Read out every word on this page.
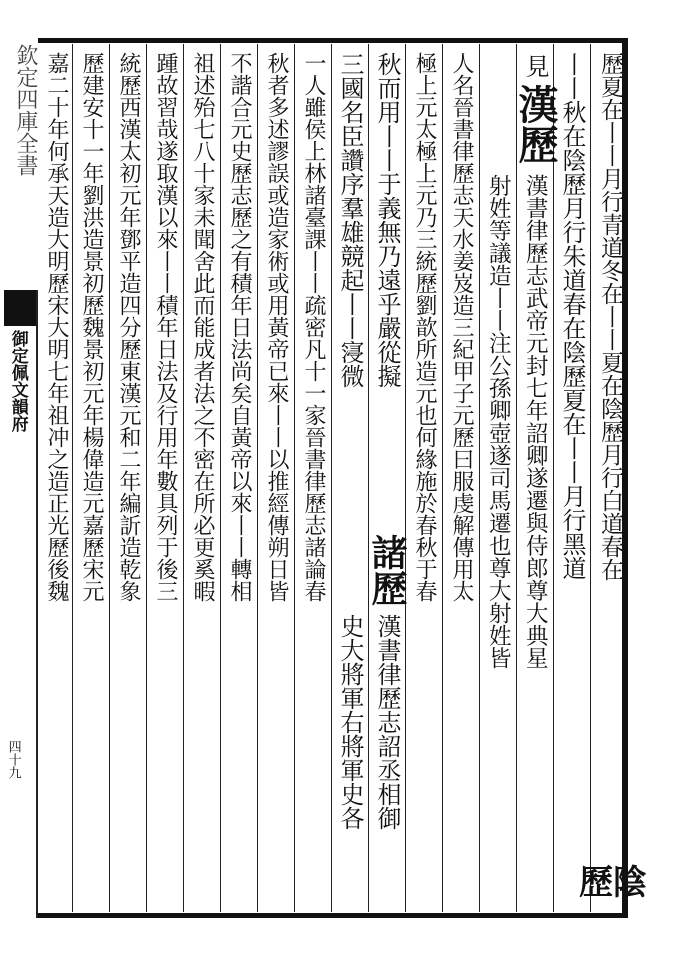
欽定四庫全書
御定佩文韻府
四十九
歷夏在丨丨月行青道冬在丨丨夏在陰歷月行白道春在
陰歷
丨丨秋在陰歷月行朱道春在陰歷夏在丨丨月行黑道
見
漢歷
漢書律歷志武帝元封七年詔卿遂遷與侍郎尊大典星
射姓等議造丨丨注公孫卿壺遂司馬遷也尊大射姓皆
人名晉書律歷志天水姜岌造三紀甲子元歷曰服虔解傳用太
極上元太極上元乃三統歷劉歆所造元也何緣施於春秋于春
秋而用丨丨于義無乃遠乎嚴從擬
諸歷
漢書律歷志詔丞相御
三國名臣讚序羣雄競起丨丨寖微
史大將軍右將軍史各
一人雖侯上林諸臺課丨丨疏密凡十一家晉書律歷志諸論春
秋者多述謬誤或造家術或用黃帝已來丨丨以推經傳朔日皆
不諧合元史歷志歷之有積年日法尚矣自黃帝以來丨丨轉相
祖述殆七八十家未聞舍此而能成者法之不密在所必更奚暇
踵故習哉遂取漢以來丨丨積年日法及行用年數具列于後三
統歷西漢太初元年鄧平造四分歷東漢元和二年編訢造乾象
歷建安十一年劉洪造景初歷魏景初元年楊偉造元嘉歷宋元
嘉二十年何承天造大明歷宋大明七年祖冲之造正光歷後魏
